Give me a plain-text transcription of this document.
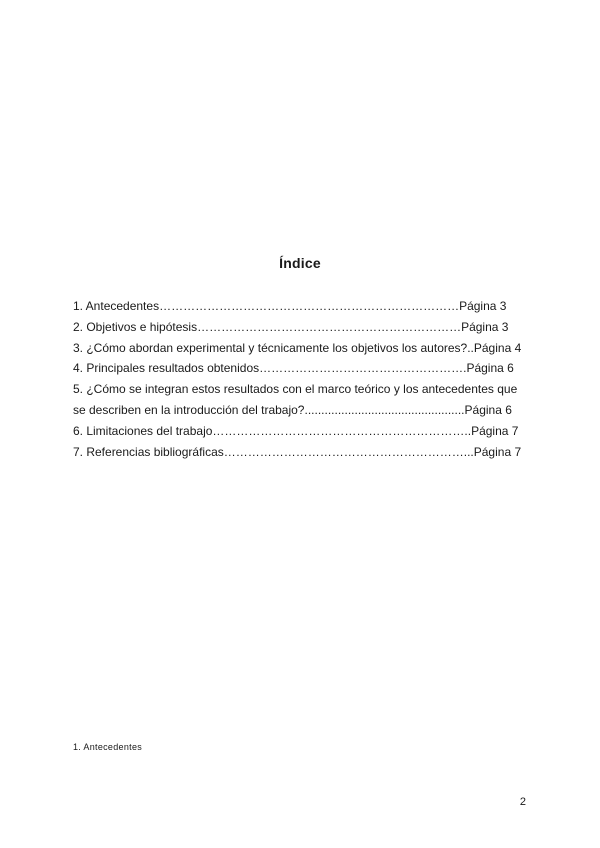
Índice

1. Antecedentes…………………………………………………………………Página 3

2. Objetivos e hipótesis…………………………………………………………Página 3

3. ¿Cómo abordan experimental y técnicamente los objetivos los autores?..Página 4

4. Principales resultados obtenidos…………………………………………….Página 6

5. ¿Cómo se integran estos resultados con el marco teórico y los antecedentes que

se describen en la introducción del trabajo?................................................Página 6

6. Limitaciones del trabajo………………………………………………………..Página 7

7. Referencias bibliográficas……………………………………………………...Página 7

1. Antecedentes
2
